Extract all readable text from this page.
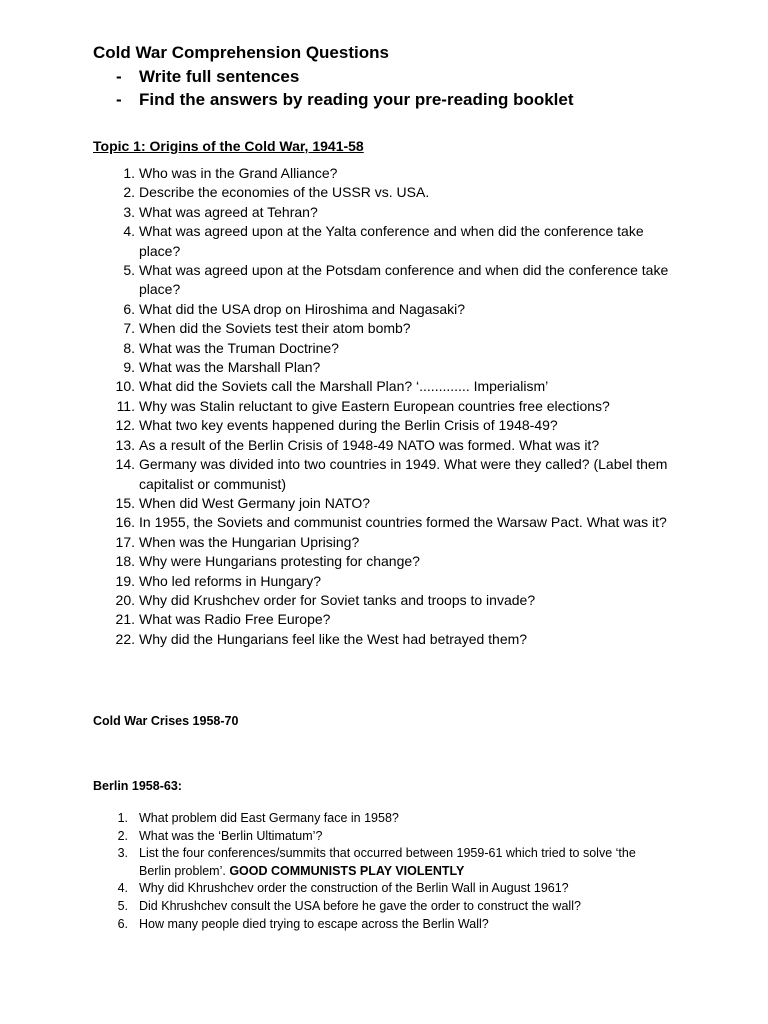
Cold War Comprehension Questions
-	Write full sentences
-	Find the answers by reading your pre-reading booklet
Topic 1: Origins of the Cold War, 1941-58
1. Who was in the Grand Alliance?
2. Describe the economies of the USSR vs. USA.
3. What was agreed at Tehran?
4. What was agreed upon at the Yalta conference and when did the conference take place?
5. What was agreed upon at the Potsdam conference and when did the conference take place?
6. What did the USA drop on Hiroshima and Nagasaki?
7. When did the Soviets test their atom bomb?
8. What was the Truman Doctrine?
9. What was the Marshall Plan?
10. What did the Soviets call the Marshall Plan? ‘............. Imperialism’
11. Why was Stalin reluctant to give Eastern European countries free elections?
12. What two key events happened during the Berlin Crisis of 1948-49?
13. As a result of the Berlin Crisis of 1948-49 NATO was formed. What was it?
14. Germany was divided into two countries in 1949. What were they called? (Label them capitalist or communist)
15. When did West Germany join NATO?
16. In 1955, the Soviets and communist countries formed the Warsaw Pact. What was it?
17. When was the Hungarian Uprising?
18. Why were Hungarians protesting for change?
19. Who led reforms in Hungary?
20. Why did Krushchev order for Soviet tanks and troops to invade?
21. What was Radio Free Europe?
22. Why did the Hungarians feel like the West had betrayed them?
Cold War Crises 1958-70
Berlin 1958-63:
1. What problem did East Germany face in 1958?
2. What was the ‘Berlin Ultimatum’?
3. List the four conferences/summits that occurred between 1959-61 which tried to solve ‘the Berlin problem’. GOOD COMMUNISTS PLAY VIOLENTLY
4. Why did Khrushchev order the construction of the Berlin Wall in August 1961?
5. Did Khrushchev consult the USA before he gave the order to construct the wall?
6. How many people died trying to escape across the Berlin Wall?
